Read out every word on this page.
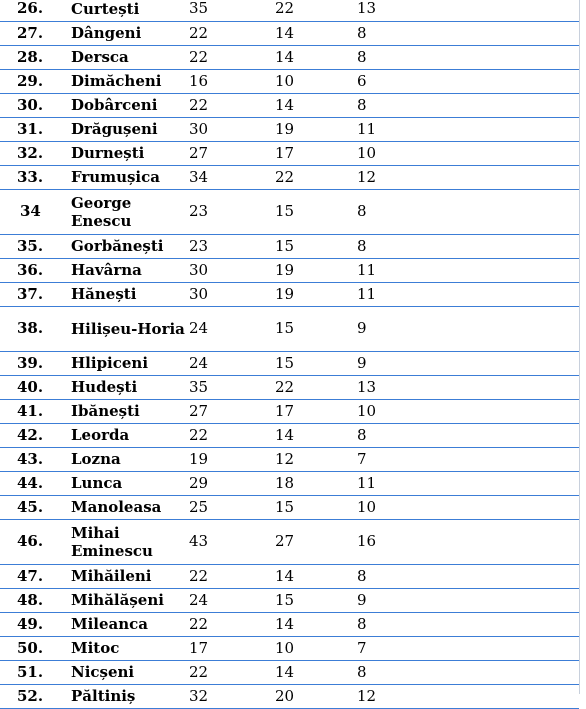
26.	Curtești	35	22	13
27.	Dângeni	22	14	8
28.	Dersca	22	14	8
29.	Dimăcheni	16	10	6
30.	Dobârceni	22	14	8
31.	Drăgușeni	30	19	11
32.	Durnești	27	17	10
33.	Frumușica	34	22	12
34	George Enescu	23	15	8
35.	Gorbănești	23	15	8
36.	Havârna	30	19	11
37.	Hănești	30	19	11
38.	Hilișeu-Horia	24	15	9
39.	Hlipiceni	24	15	9
40.	Hudești	35	22	13
41.	Ibănești	27	17	10
42.	Leorda	22	14	8
43.	Lozna	19	12	7
44.	Lunca	29	18	11
45.	Manoleasa	25	15	10
46.	Mihai Eminescu	43	27	16
47.	Mihăileni	22	14	8
48.	Mihălășeni	24	15	9
49.	Mileanca	22	14	8
50.	Mitoc	17	10	7
51.	Nicșeni	22	14	8
52.	Păltiniș	32	20	12
